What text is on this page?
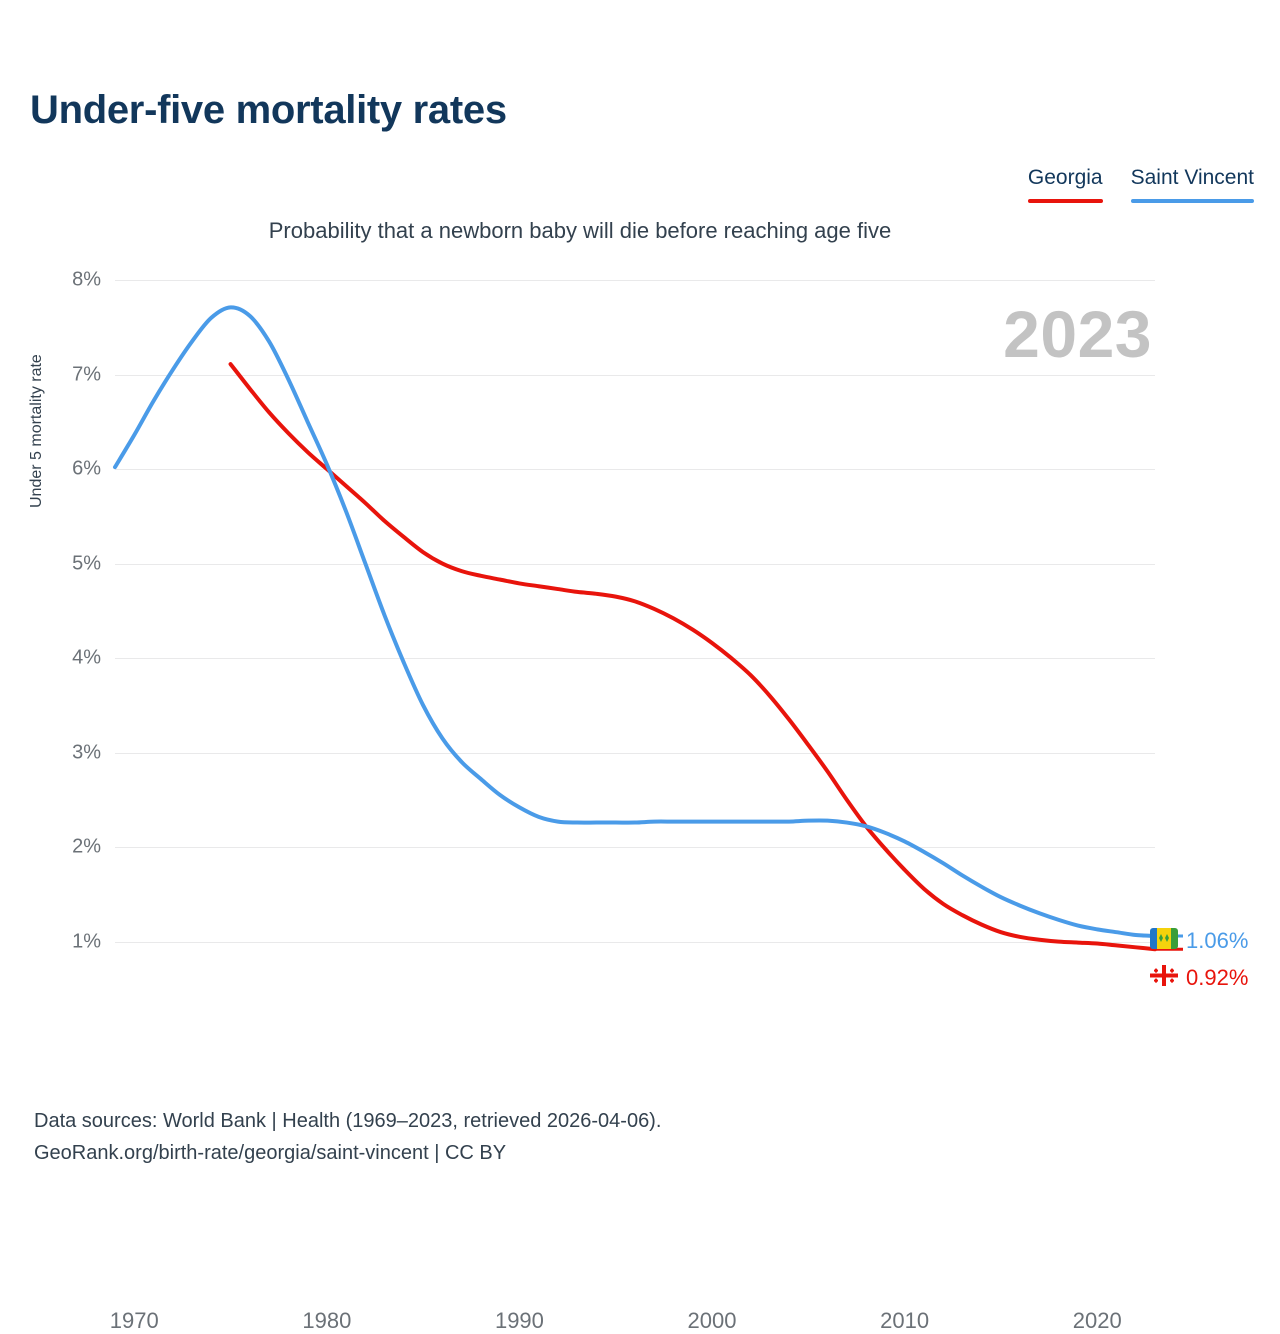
Under-five mortality rates
Georgia Saint Vincent
Probability that a newborn baby will die before reaching age five
Under 5 mortality rate
2023
1%
2%
3%
4%
5%
6%
7%
8%
1970	1980	1990	2000	2010	2020
1.06%
0.92%
Data sources: World Bank | Health (1969–2023, retrieved 2026-04-06).
GeoRank.org/birth-rate/georgia/saint-vincent | CC BY
